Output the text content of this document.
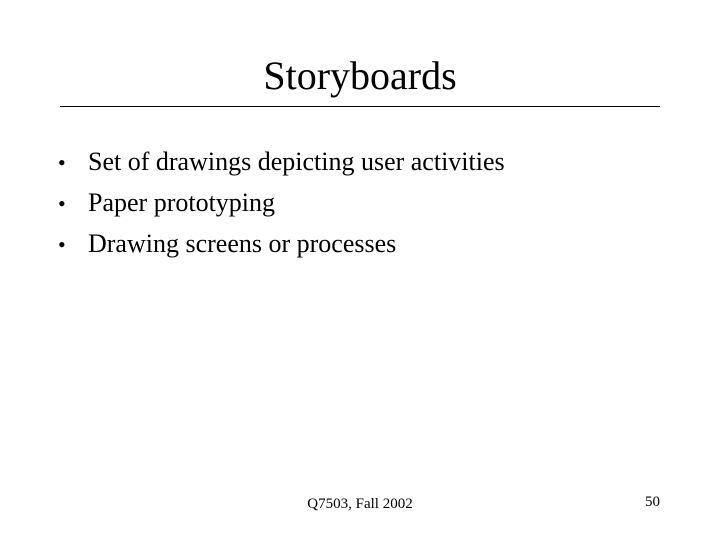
Storyboards
• Set of drawings depicting user activities
• Paper prototyping
• Drawing screens or processes
Q7503, Fall 2002	50
